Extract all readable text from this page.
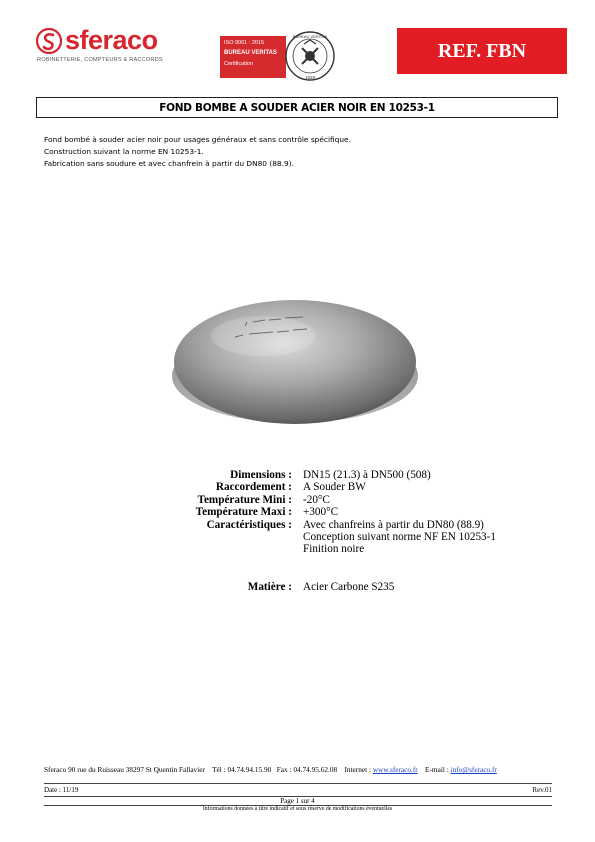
sferaco
ROBINETTERIE, COMPTEURS & RACCORDS
ISO 9001 : 2015
BUREAU VERITAS
Certification
BUREAU VERITAS
1828
REF. FBN
FOND BOMBE A SOUDER ACIER NOIR EN 10253-1
Fond bombé à souder acier noir pour usages généraux et sans contrôle spécifique.
Construction suivant la norme EN 10253-1.
Fabrication sans soudure et avec chanfrein à partir du DN80 (88.9).
Dimensions : DN15 (21.3) à DN500 (508)
Raccordement : A Souder BW
Température Mini : -20°C
Température Maxi : +300°C
Caractéristiques : Avec chanfreins à partir du DN80 (88.9)
Conception suivant norme NF EN 10253-1
Finition noire
Matière : Acier Carbone S235
Sferaco 90 rue du Ruisseau 38297 St Quentin Fallavier Tél : 04.74.94.15.90 Fax : 04.74.95.62.08 Internet : www.sferaco.fr E-mail : info@sferaco.fr
Date : 11/19	Rev.01
Page 1 sur 4
Informations données à titre indicatif et sous réserve de modifications éventuelles
